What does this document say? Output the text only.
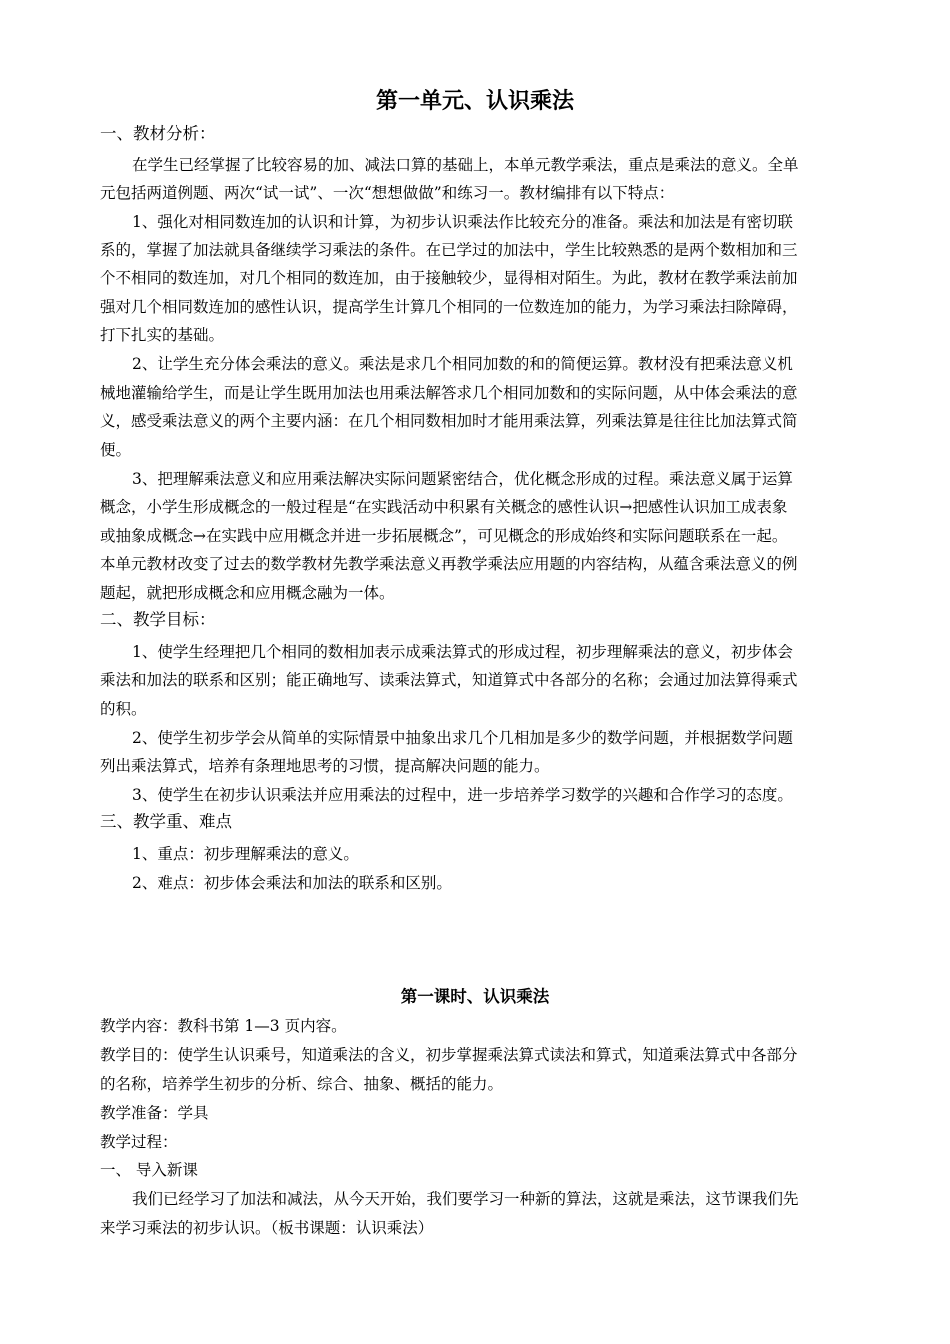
第一单元、认识乘法
一、教材分析：
在学生已经掌握了比较容易的加、减法口算的基础上，本单元教学乘法，重点是乘法的意义。全单
元包括两道例题、两次“试一试”、一次“想想做做”和练习一。教材编排有以下特点：
1、强化对相同数连加的认识和计算，为初步认识乘法作比较充分的准备。乘法和加法是有密切联
系的，掌握了加法就具备继续学习乘法的条件。在已学过的加法中，学生比较熟悉的是两个数相加和三
个不相同的数连加，对几个相同的数连加，由于接触较少，显得相对陌生。为此，教材在教学乘法前加
强对几个相同数连加的感性认识，提高学生计算几个相同的一位数连加的能力，为学习乘法扫除障碍，
打下扎实的基础。
2、让学生充分体会乘法的意义。乘法是求几个相同加数的和的简便运算。教材没有把乘法意义机
械地灌输给学生，而是让学生既用加法也用乘法解答求几个相同加数和的实际问题，从中体会乘法的意
义，感受乘法意义的两个主要内涵：在几个相同数相加时才能用乘法算，列乘法算是往往比加法算式简
便。
3、把理解乘法意义和应用乘法解决实际问题紧密结合，优化概念形成的过程。乘法意义属于运算
概念，小学生形成概念的一般过程是“在实践活动中积累有关概念的感性认识→把感性认识加工成表象
或抽象成概念→在实践中应用概念并进一步拓展概念”，可见概念的形成始终和实际问题联系在一起。
本单元教材改变了过去的数学教材先教学乘法意义再教学乘法应用题的内容结构，从蕴含乘法意义的例
题起，就把形成概念和应用概念融为一体。
二、教学目标：
1、使学生经理把几个相同的数相加表示成乘法算式的形成过程，初步理解乘法的意义，初步体会
乘法和加法的联系和区别；能正确地写、读乘法算式，知道算式中各部分的名称；会通过加法算得乘式
的积。
2、使学生初步学会从简单的实际情景中抽象出求几个几相加是多少的数学问题，并根据数学问题
列出乘法算式，培养有条理地思考的习惯，提高解决问题的能力。
3、使学生在初步认识乘法并应用乘法的过程中，进一步培养学习数学的兴趣和合作学习的态度。
三、教学重、难点
1、重点：初步理解乘法的意义。
2、难点：初步体会乘法和加法的联系和区别。
第一课时、认识乘法
教学内容：教科书第 1—3 页内容。
教学目的：使学生认识乘号，知道乘法的含义，初步掌握乘法算式读法和算式，知道乘法算式中各部分
的名称，培养学生初步的分析、综合、抽象、概括的能力。
教学准备：学具
教学过程：
一、 导入新课
我们已经学习了加法和减法，从今天开始，我们要学习一种新的算法，这就是乘法，这节课我们先
来学习乘法的初步认识。（板书课题：认识乘法）
